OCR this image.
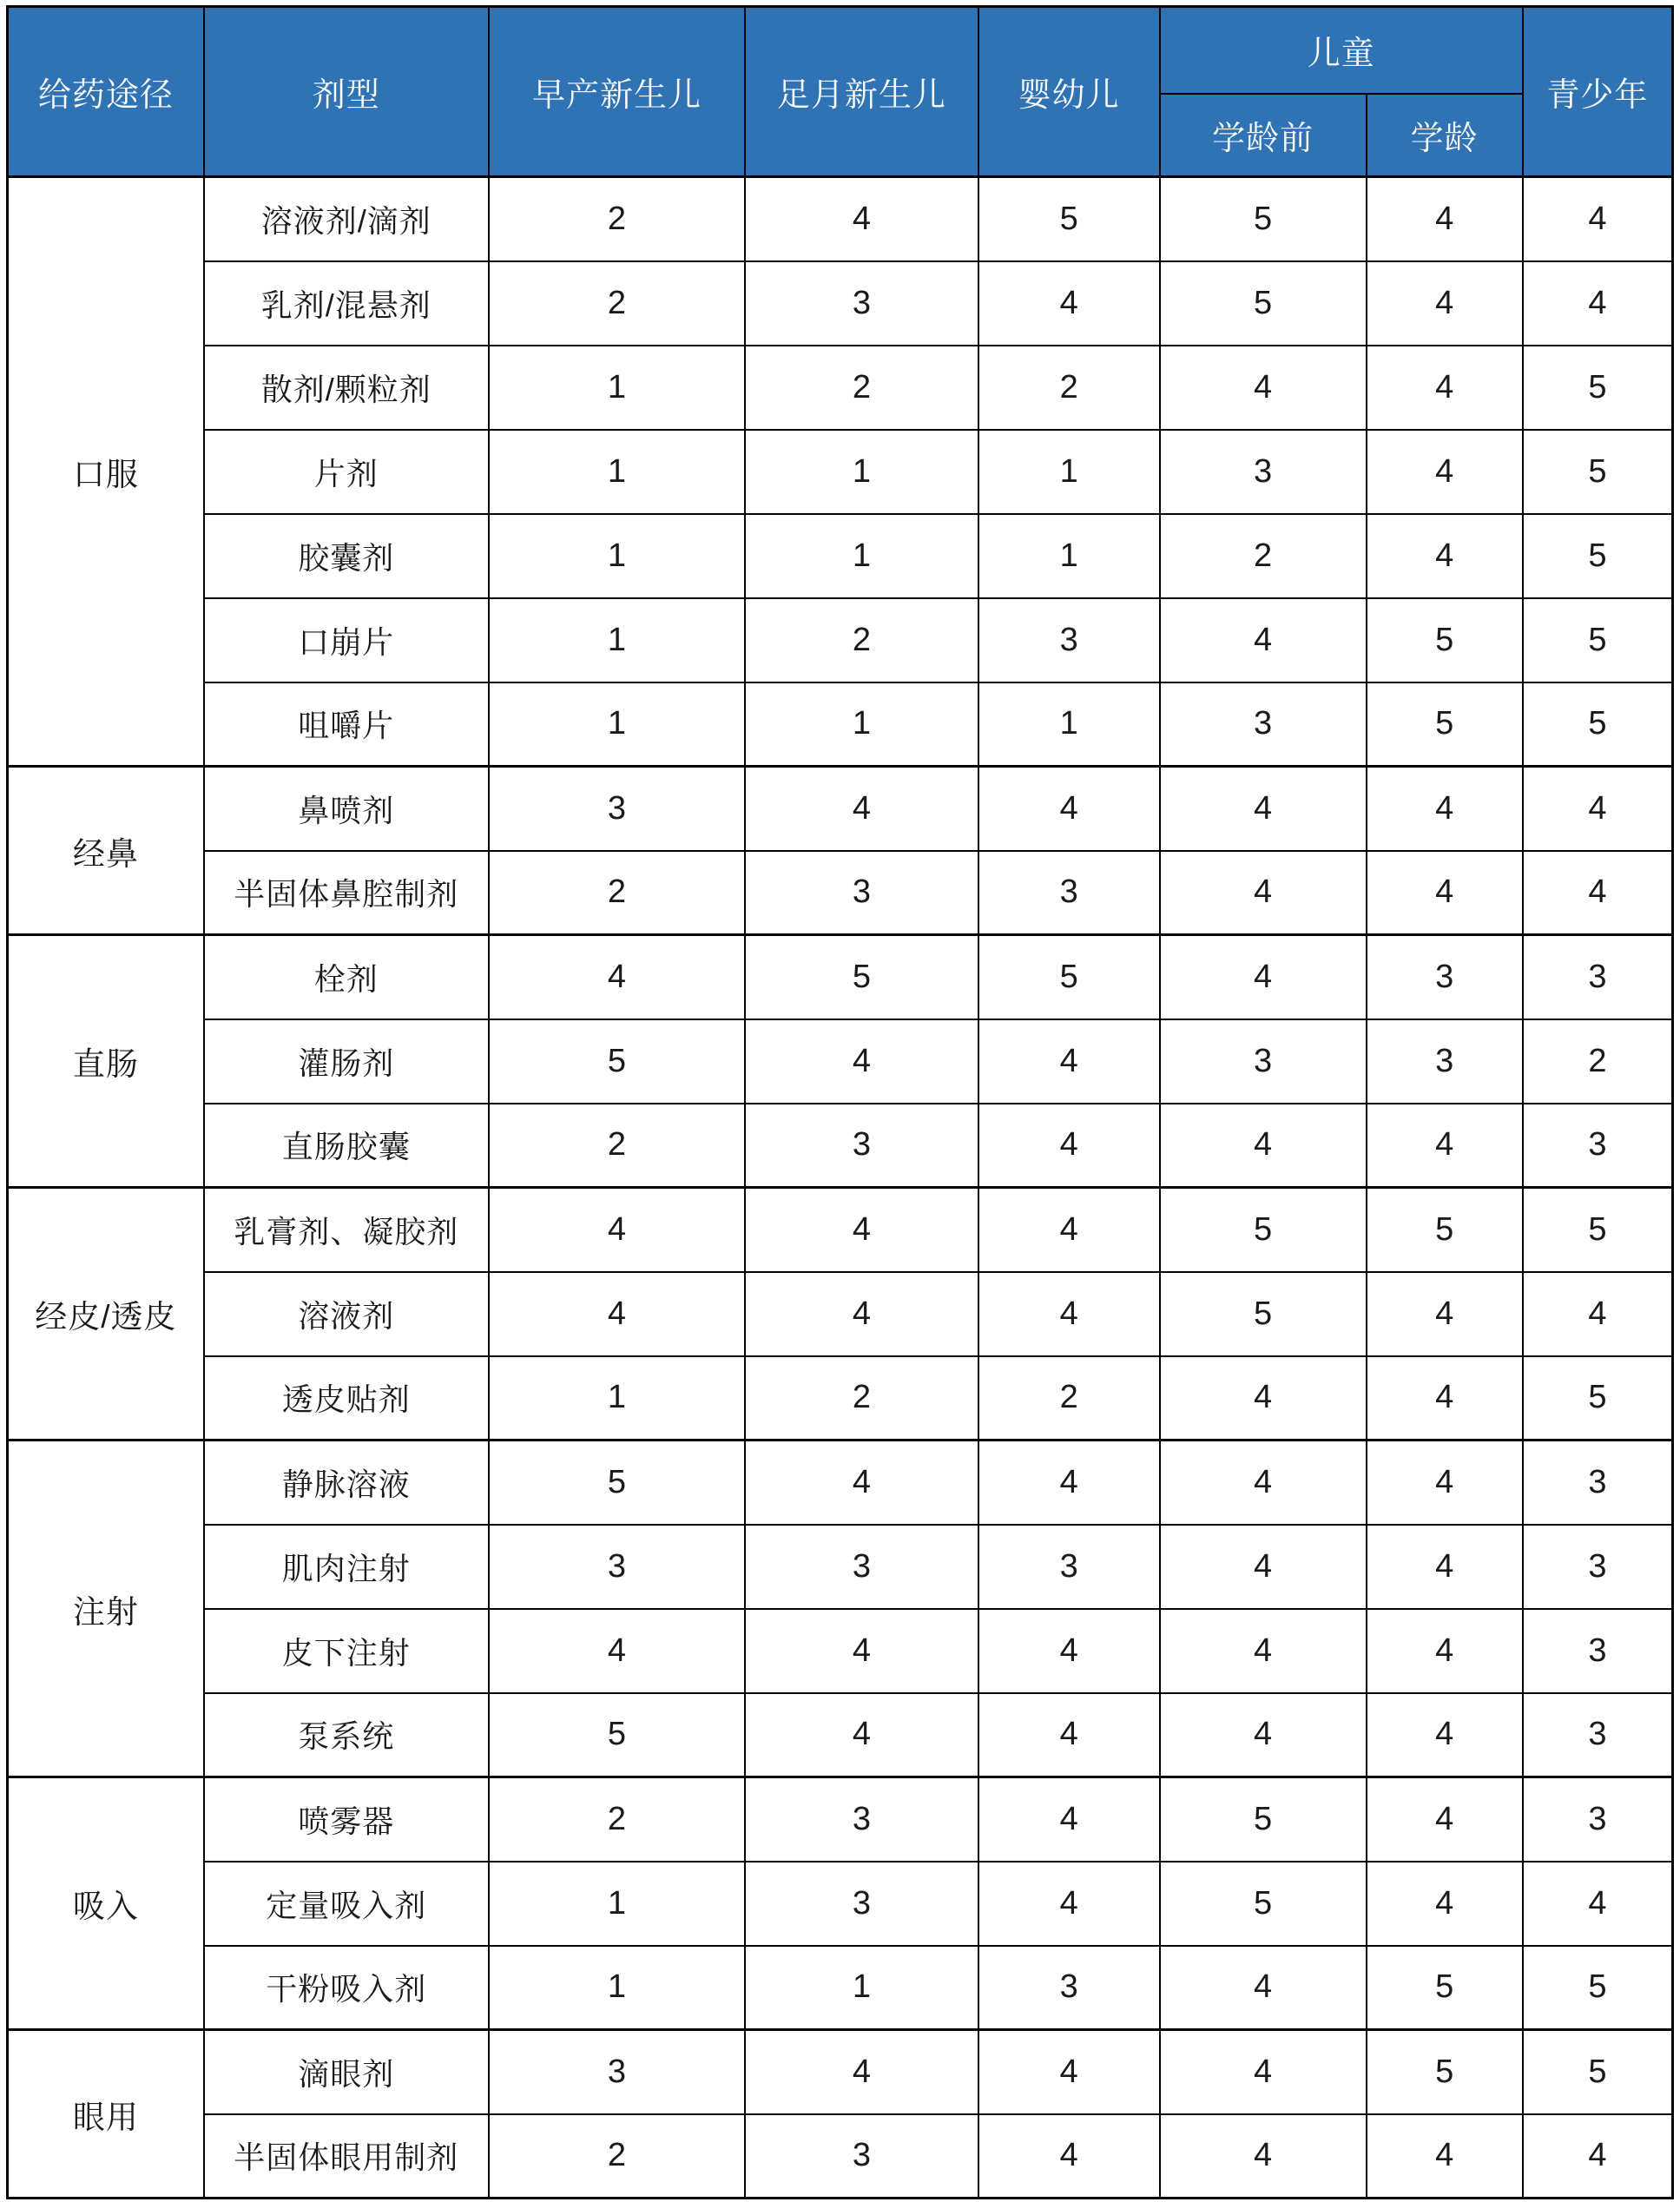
给药途径	剂型	早产新生儿	足月新生儿	婴幼儿	儿童		青少年
					学龄前	学龄	
口服	溶液剂/滴剂	2	4	5	5	4	4
	乳剂/混悬剂	2	3	4	5	4	4
	散剂/颗粒剂	1	2	2	4	4	5
	片剂	1	1	1	3	4	5
	胶囊剂	1	1	1	2	4	5
	口崩片	1	2	3	4	5	5
	咀嚼片	1	1	1	3	5	5
经鼻	鼻喷剂	3	4	4	4	4	4
	半固体鼻腔制剂	2	3	3	4	4	4
直肠	栓剂	4	5	5	4	3	3
	灌肠剂	5	4	4	3	3	2
	直肠胶囊	2	3	4	4	4	3
经皮/透皮	乳膏剂、凝胶剂	4	4	4	5	5	5
	溶液剂	4	4	4	5	4	4
	透皮贴剂	1	2	2	4	4	5
注射	静脉溶液	5	4	4	4	4	3
	肌肉注射	3	3	3	4	4	3
	皮下注射	4	4	4	4	4	3
	泵系统	5	4	4	4	4	3
吸入	喷雾器	2	3	4	5	4	3
	定量吸入剂	1	3	4	5	4	4
	干粉吸入剂	1	1	3	4	5	5
眼用	滴眼剂	3	4	4	4	5	5
	半固体眼用制剂	2	3	4	4	4	4
